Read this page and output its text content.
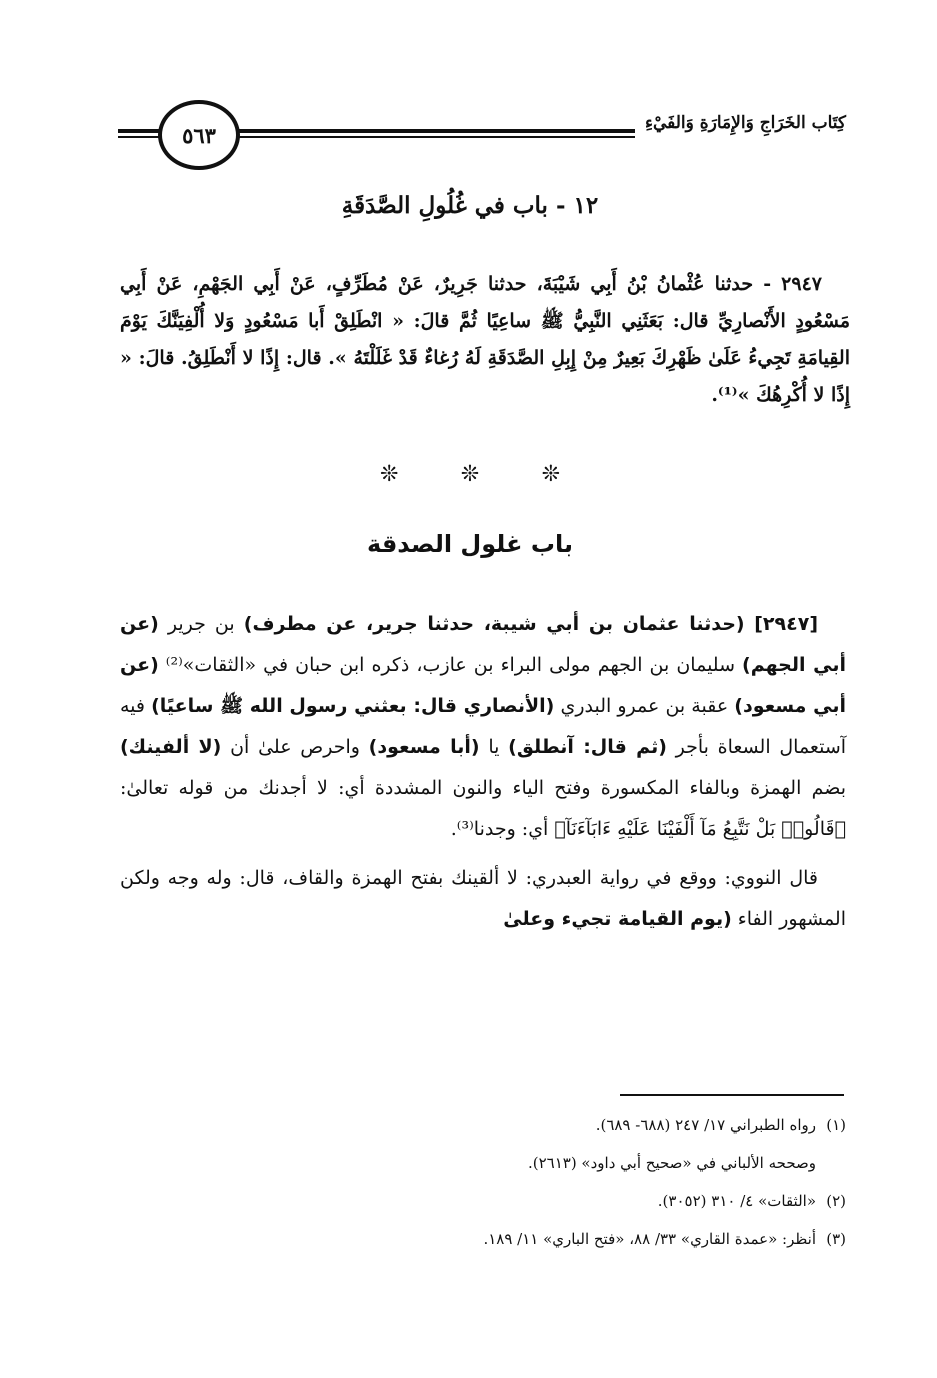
كِتَاب الخَرَاجِ وَالإِمَارَةِ وَالفَيْءِ
٥٦٣
١٢ - باب في غُلُولِ الصَّدَقَةِ

٢٩٤٧ - حدثنا عُثْمانُ بْنُ أَبِي شَيْبَةَ، حدثنا جَرِيرٌ، عَنْ مُطَرِّفٍ، عَنْ أَبِي الجَهْمِ، عَنْ أَبِي مَسْعُودٍ الأَنْصارِيِّ قال: بَعَثَنِي النَّبِيُّ ﷺ ساعِيًا ثُمَّ قالَ: « انْطَلِقْ أَبا مَسْعُودٍ وَلا أُلْفِيَنَّكَ يَوْمَ القِيامَةِ تَجِيءُ عَلَىٰ ظَهْرِكَ بَعِيرٌ مِنْ إِبِلِ الصَّدَقَةِ لَهُ رُغاءٌ قَدْ غَلَلْتَهُ ». قال: إِذًا لا أَنْطَلِقُ. قالَ: « إِذًا لا أُكْرِهُكَ »⁽¹⁾.

❊
❊
❊
باب غلول الصدقة

[٢٩٤٧] (حدثنا عثمان بن أبي شيبة، حدثنا جرير، عن مطرف) بن جرير (عن أبي الجهم) سليمان بن الجهم مولى البراء بن عازب، ذكره ابن حبان في «الثقات»⁽²⁾ (عن أبي مسعود) عقبة بن عمرو البدري (الأنصاري قال: بعثني رسول الله ﷺ ساعيًا) فيه آستعمال السعاة بأجر (ثم قال: آنطلق) يا (أبا مسعود) واحرص علىٰ أن (لا ألفينك) بضم الهمزة وبالفاء المكسورة وفتح الياء والنون المشددة أي: لا أجدنك من قوله تعالىٰ: ﴿قَالُوا۟ بَلْ نَتَّبِعُ مَآ أَلْفَيْنَا عَلَيْهِ ءَابَآءَنَآ﴾ أي: وجدنا⁽³⁾.

قال النووي: ووقع في رواية العبدري: لا ألقينك بفتح الهمزة والقاف، قال: وله وجه ولكن المشهور الفاء (يوم القيامة تجيء وعلىٰ

(١)رواه الطبراني ١٧/ ٢٤٧ (٦٨٨- ٦٨٩).

وصححه الألباني في «صحيح أبي داود» (٢٦١٣).

(٢)«الثقات» ٤/ ٣١٠ (٣٠٥٢).

(٣)أنظر: «عمدة القاري» ٣٣/ ٨٨، «فتح الباري» ١١/ ١٨٩.
